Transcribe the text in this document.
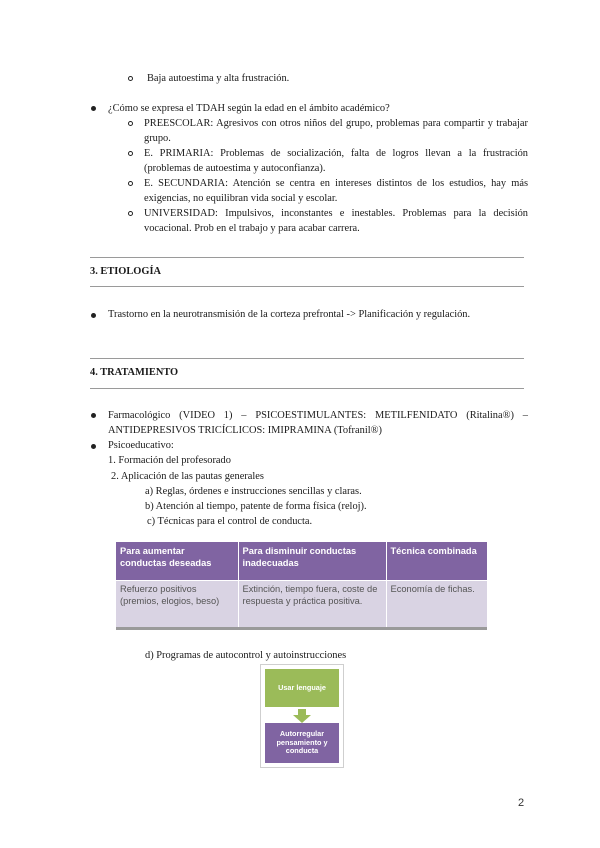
Baja autoestima y alta frustración.
¿Cómo se expresa el TDAH según la edad en el ámbito académico?
PREESCOLAR: Agresivos con otros niños del grupo, problemas para compartir y trabajar grupo.
E. PRIMARIA: Problemas de socialización, falta de logros llevan a la frustración (problemas de autoestima y autoconfianza).
E. SECUNDARIA: Atención se centra en intereses distintos de los estudios, hay más exigencias, no equilibran vida social y escolar.
UNIVERSIDAD: Impulsivos, inconstantes e inestables. Problemas para la decisión vocacional. Prob en el trabajo y para acabar carrera.
3. ETIOLOGÍA
Trastorno en la neurotransmisión de la corteza prefrontal -> Planificación y regulación.
4. TRATAMIENTO
Farmacológico (VIDEO 1) – PSICOESTIMULANTES: METILFENIDATO (Ritalina®) – ANTIDEPRESIVOS TRICÍCLICOS: IMIPRAMINA (Tofranil®)
Psicoeducativo:
1. Formación del profesorado
2. Aplicación de las pautas generales
a) Reglas, órdenes e instrucciones sencillas y claras.
b) Atención al tiempo, patente de forma física (reloj).
c) Técnicas para el control de conducta.
Para aumentar conductas deseadas	Para disminuir conductas inadecuadas	Técnica combinada
Refuerzo positivos (premios, elogios, beso)	Extinción, tiempo fuera, coste de respuesta y práctica positiva.	Economía de fichas.
d) Programas de autocontrol y autoinstrucciones
Usar lenguaje
Autorregular pensamiento y conducta
2
